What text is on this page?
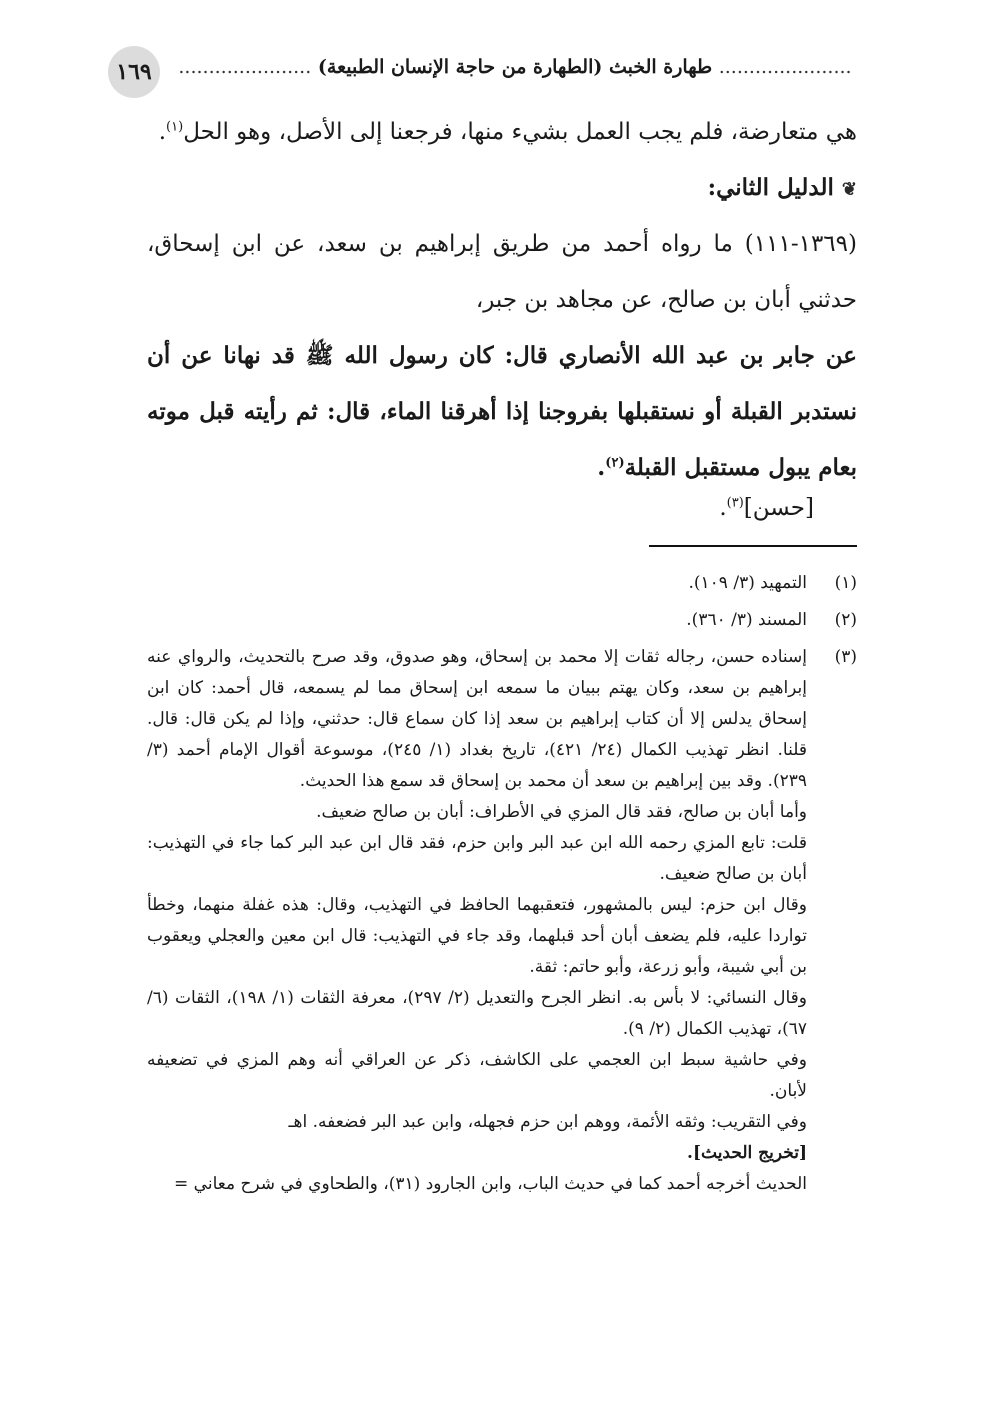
١٦٩	...................... طهارة الخبث (الطهارة من حاجة الإنسان الطبيعة) ......................

هي متعارضة، فلم يجب العمل بشيء منها، فرجعنا إلى الأصل، وهو الحل$^{(١)}$.

❦ الدليل الثاني:

(١٣٦٩-١١١) ما رواه أحمد من طريق إبراهيم بن سعد، عن ابن إسحاق، حدثني أبان بن صالح، عن مجاهد بن جبر،

عن جابر بن عبد الله الأنصاري قال: كان رسول الله ﷺ قد نهانا عن أن نستدبر القبلة أو نستقبلها بفروجنا إذا أهرقنا الماء، قال: ثم رأيته قبل موته بعام يبول مستقبل القبلة$^{(٢)}$.

[حسن]$^{(٣)}$.

(١)
التمهيد (٣/ ١٠٩).
(٢)
المسند (٣/ ٣٦٠).
(٣)

إسناده حسن، رجاله ثقات إلا محمد بن إسحاق، وهو صدوق، وقد صرح بالتحديث، والرواي عنه إبراهيم بن سعد، وكان يهتم ببيان ما سمعه ابن إسحاق مما لم يسمعه، قال أحمد: كان ابن إسحاق يدلس إلا أن كتاب إبراهيم بن سعد إذا كان سماع قال: حدثني، وإذا لم يكن قال: قال. قلنا. انظر تهذيب الكمال (٢٤/ ٤٢١)، تاريخ بغداد (١/ ٢٤٥)، موسوعة أقوال الإمام أحمد (٣/ ٢٣٩). وقد بين إبراهيم بن سعد أن محمد بن إسحاق قد سمع هذا الحديث.

وأما أبان بن صالح، فقد قال المزي في الأطراف: أبان بن صالح ضعيف.

قلت: تابع المزي رحمه الله ابن عبد البر وابن حزم، فقد قال ابن عبد البر كما جاء في التهذيب: أبان بن صالح ضعيف.

وقال ابن حزم: ليس بالمشهور، فتعقبهما الحافظ في التهذيب، وقال: هذه غفلة منهما، وخطأ تواردا عليه، فلم يضعف أبان أحد قبلهما، وقد جاء في التهذيب: قال ابن معين والعجلي ويعقوب بن أبي شيبة، وأبو زرعة، وأبو حاتم: ثقة.

وقال النسائي: لا بأس به. انظر الجرح والتعديل (٢/ ٢٩٧)، معرفة الثقات (١/ ١٩٨)، الثقات (٦/ ٦٧)، تهذيب الكمال (٢/ ٩).

وفي حاشية سبط ابن العجمي على الكاشف، ذكر عن العراقي أنه وهم المزي في تضعيفه لأبان.

وفي التقريب: وثقه الأئمة، ووهم ابن حزم فجهله، وابن عبد البر فضعفه. اهـ

[تخريج الحديث].

الحديث أخرجه أحمد كما في حديث الباب، وابن الجارود (٣١)، والطحاوي في شرح معاني =
